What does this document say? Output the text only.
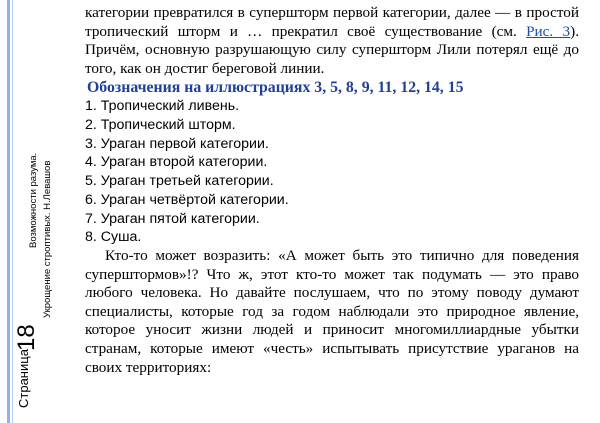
Страница
18
Возможности разума. Укрощение строптивых. Н.Левашов

категории превратился в супершторм первой категории, далее — в простой тропический шторм и … прекратил своё существование (см. Рис. 3). Причём, основную разрушающую силу супершторм Лили потерял ещё до того, как он достиг береговой линии.

Обозначения на иллюстрациях 3, 5, 8, 9, 11, 12, 14, 15
1. Тропический ливень.
2. Тропический шторм.
3. Ураган первой категории.
4. Ураган второй категории.
5. Ураган третьей категории.
6. Ураган четвёртой категории.
7. Ураган пятой категории.
8. Суша.

Кто-то может возразить: «А может быть это типично для поведения суперштормов»!? Что ж, этот кто-то может так подумать — это право любого человека. Но давайте послушаем, что по этому поводу думают специалисты, которые год за годом наблюдали это природное явление, которое уносит жизни людей и приносит многомиллиардные убытки странам, которые имеют «честь» испытывать присутствие ураганов на своих территориях:
